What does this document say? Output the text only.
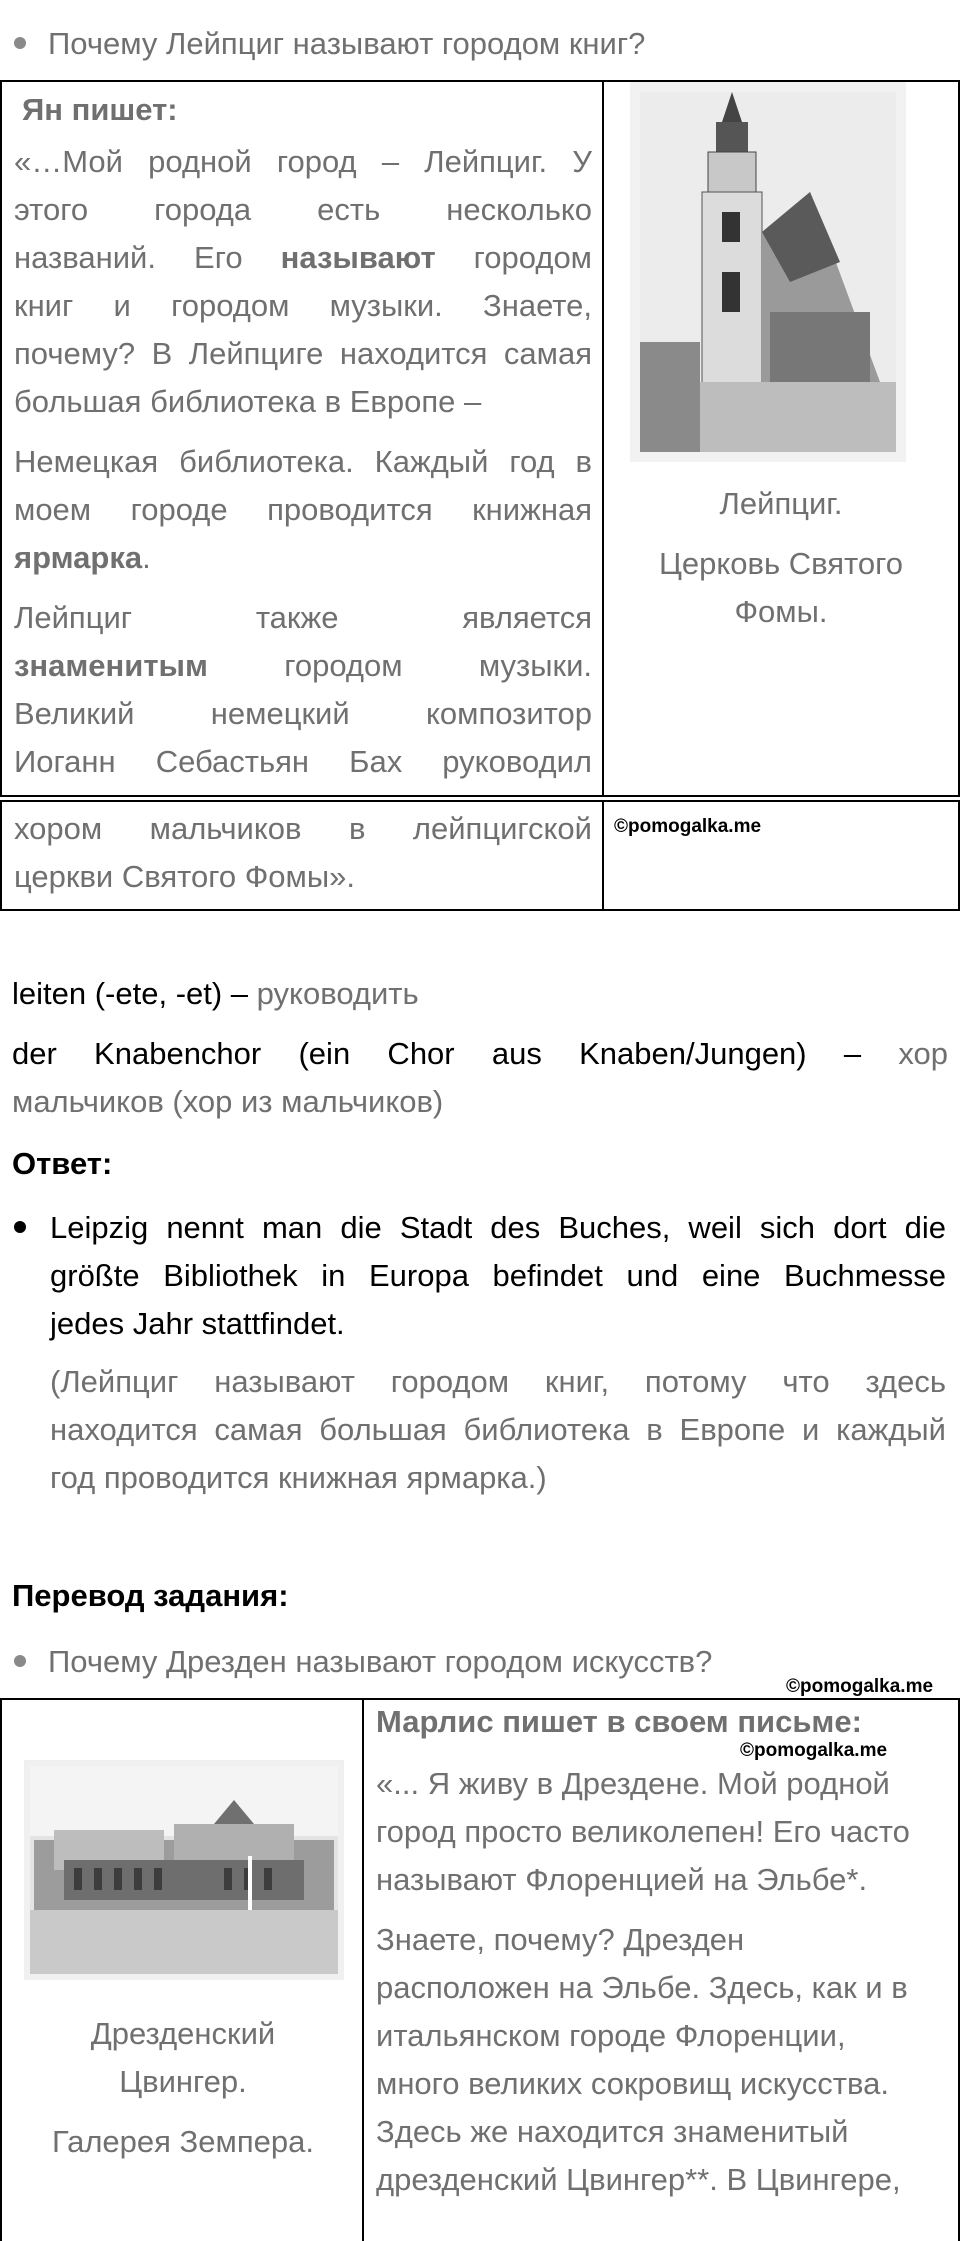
Почему Лейпциг называют городом книг?
Ян пишет:
«…Мой родной город – Лейпциг. У
этого города есть несколько
названий. Его называют городом
книг и городом музыки. Знаете,
почему? В Лейпциге находится самая
большая библиотека в Европе –
Немецкая библиотека. Каждый год в
моем городе проводится книжная
ярмарка.
Лейпциг также является
знаменитым городом музыки.
Великий немецкий композитор
Иоганн Себастьян Бах руководил
Лейпциг.
Церковь Святого
Фомы.
хором мальчиков в лейпцигской
церкви Святого Фомы».
©pomogalka.me
leiten (-ete, -et) – руководить
der Knabenchor (ein Chor aus Knaben/Jungen) – хор
мальчиков (хор из мальчиков)
Ответ:
Leipzig nennt man die Stadt des Buches, weil sich dort die
größte Bibliothek in Europa befindet und eine Buchmesse
jedes Jahr stattfindet.
(Лейпциг называют городом книг, потому что здесь
находится самая большая библиотека в Европе и каждый
год проводится книжная ярмарка.)
Перевод задания:
Почему Дрезден называют городом искусств?
©pomogalka.me
Дрезденский
Цвингер.
Галерея Земпера.
Марлис пишет в своем письме:
©pomogalka.me
«... Я живу в Дрездене. Мой родной
город просто великолепен! Его часто
называют Флоренцией на Эльбе*.
Знаете, почему? Дрезден
расположен на Эльбе. Здесь, как и в
итальянском городе Флоренции,
много великих сокровищ искусства.
Здесь же находится знаменитый
дрезденский Цвингер**. В Цвингере,
